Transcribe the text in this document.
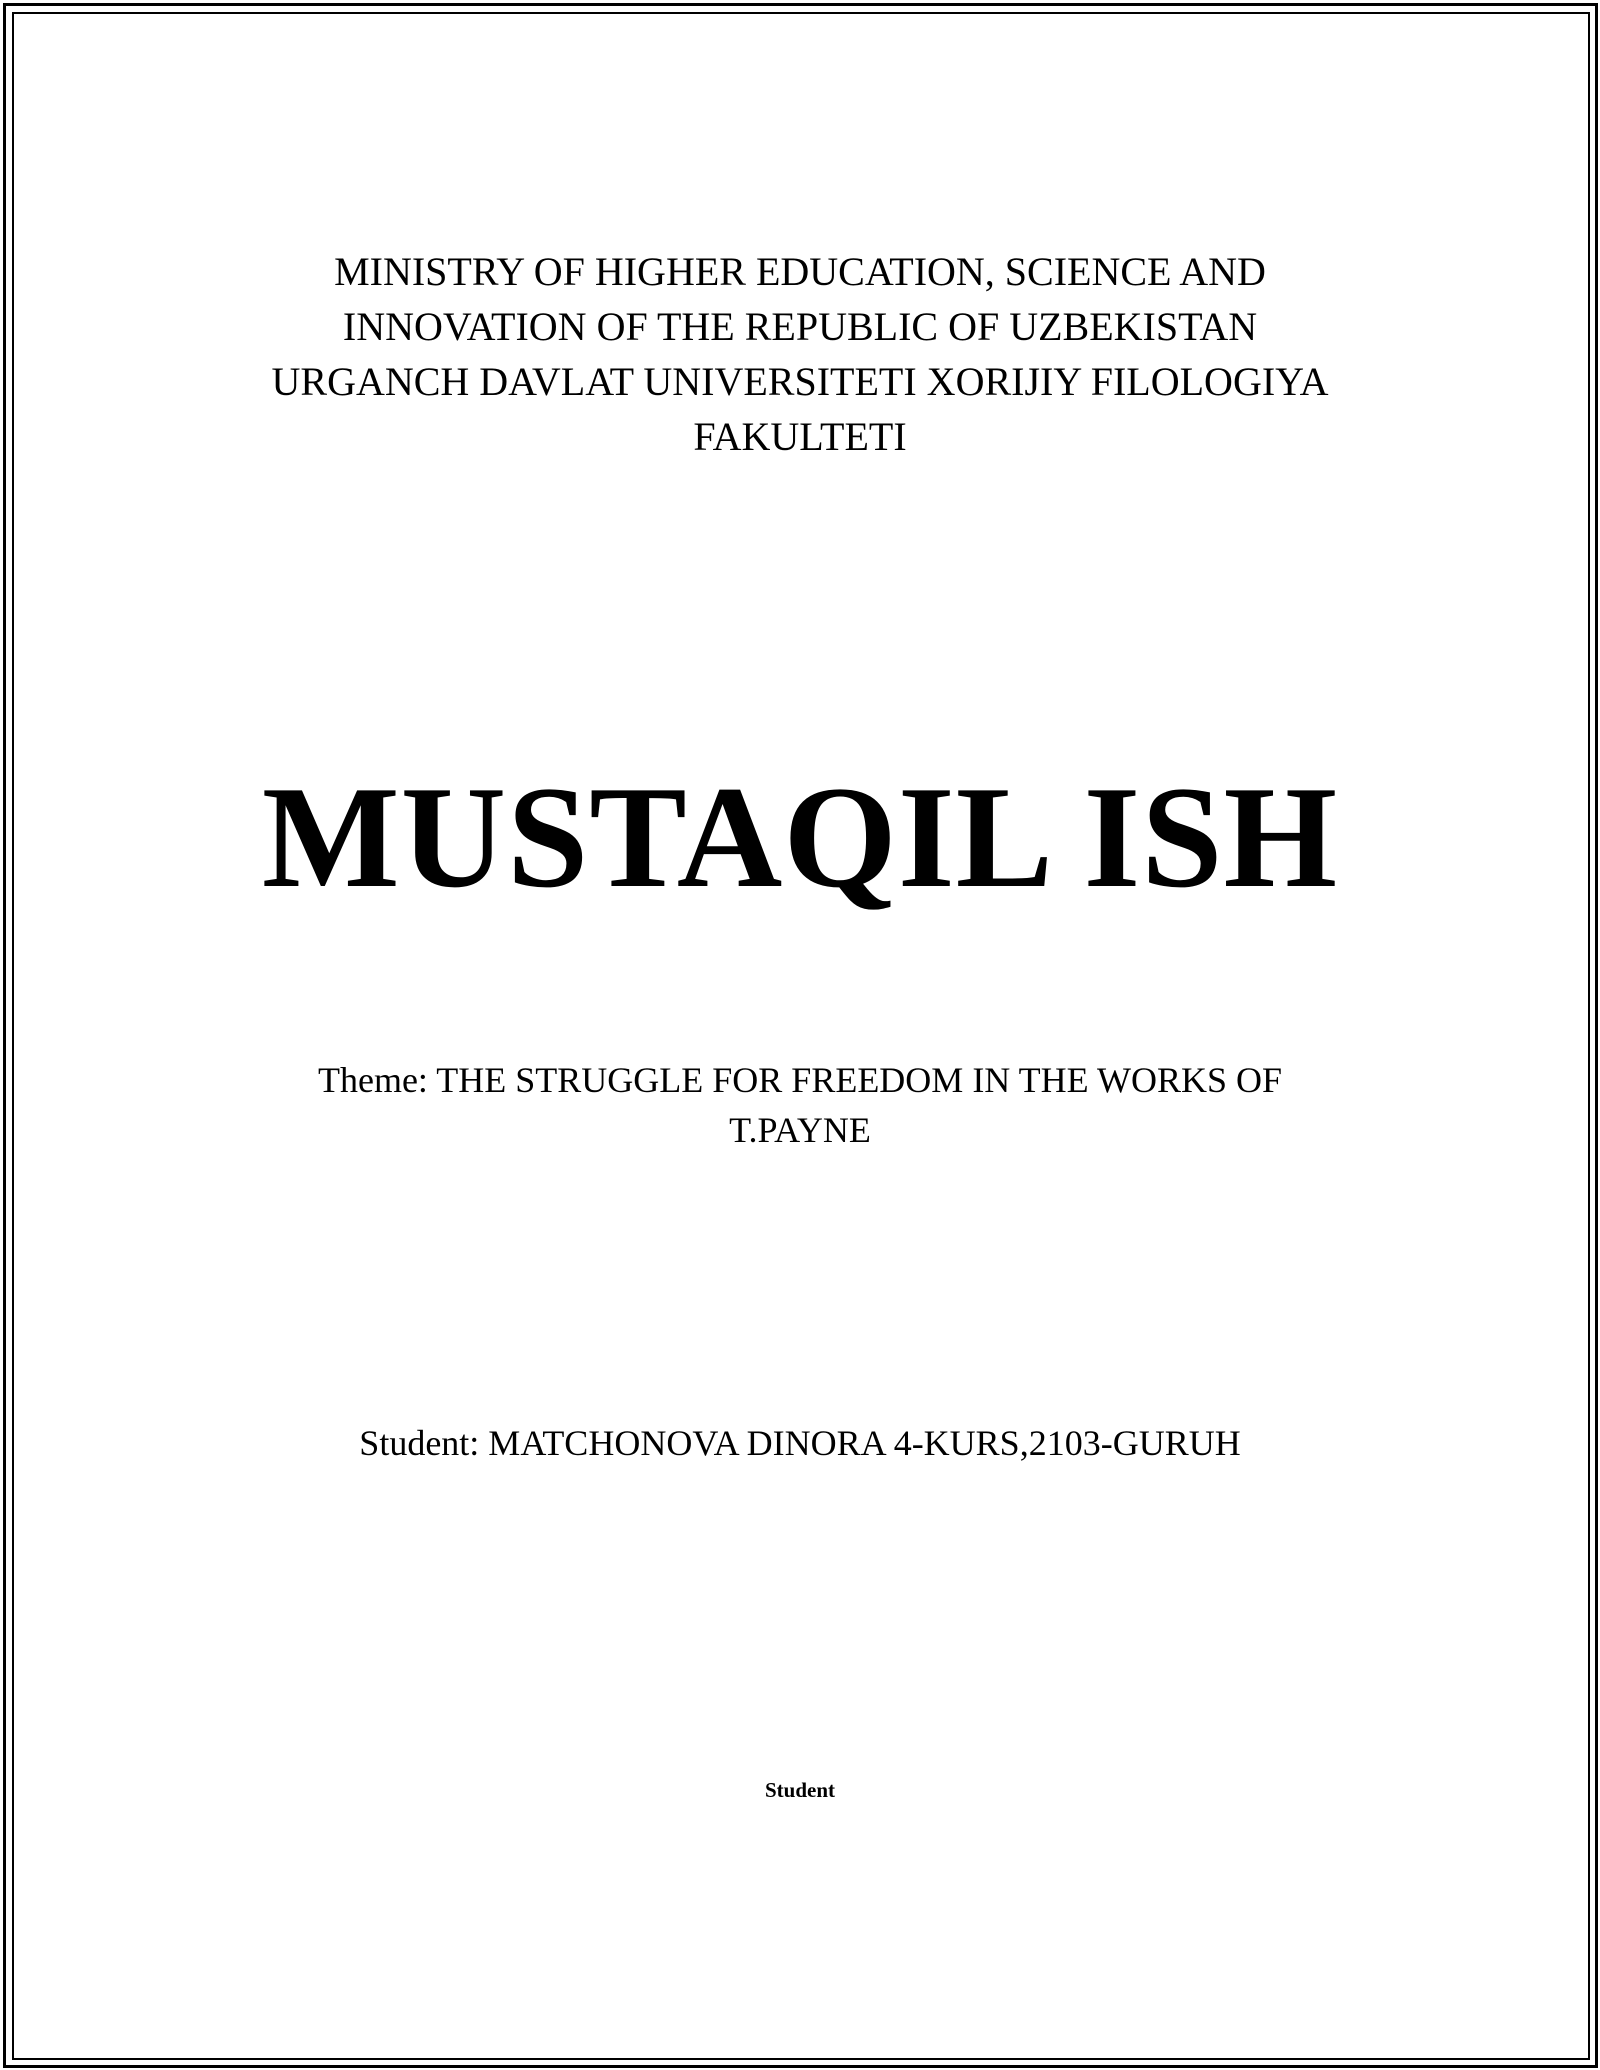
MINISTRY OF HIGHER EDUCATION, SCIENCE AND
INNOVATION OF THE REPUBLIC OF UZBEKISTAN
URGANCH DAVLAT UNIVERSITETI XORIJIY FILOLOGIYA
FAKULTETI
MUSTAQIL ISH
Theme: THE STRUGGLE FOR FREEDOM IN THE WORKS OF
T.PAYNE
Student: MATCHONOVA DINORA 4-KURS,2103-GURUH
Student
